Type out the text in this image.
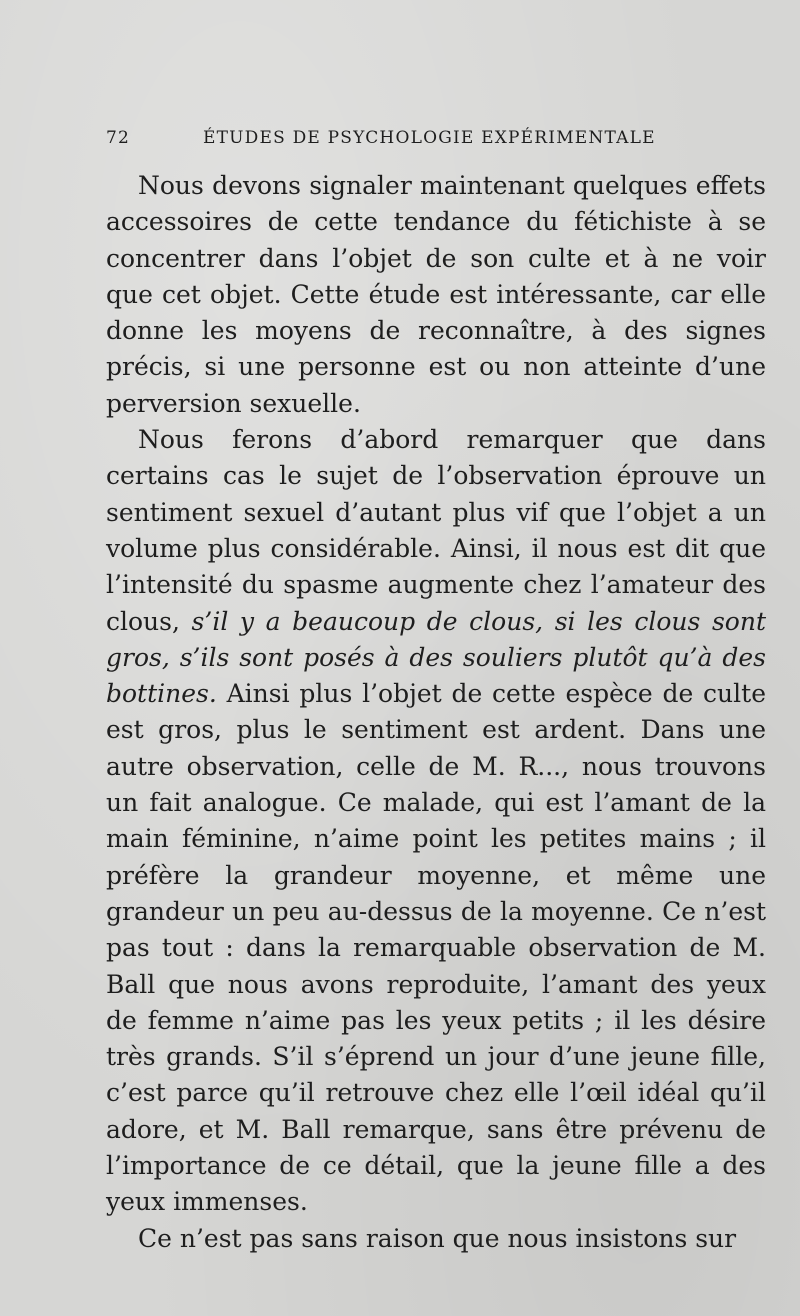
72	ÉTUDES DE PSYCHOLOGIE EXPÉRIMENTALE

Nous devons signaler maintenant quelques effets accessoires de cette tendance du fétichiste à se concentrer dans l’objet de son culte et à ne voir que cet objet. Cette étude est intéressante, car elle donne les moyens de reconnaître, à des signes précis, si une personne est ou non atteinte d’une perversion sexuelle.

Nous ferons d’abord remarquer que dans certains cas le sujet de l’observation éprouve un sentiment sexuel d’autant plus vif que l’objet a un volume plus considérable. Ainsi, il nous est dit que l’intensité du spasme augmente chez l’amateur des clous, s’il y a beaucoup de clous, si les clous sont gros, s’ils sont posés à des souliers plutôt qu’à des bottines. Ainsi plus l’objet de cette espèce de culte est gros, plus le sentiment est ardent. Dans une autre observation, celle de M. R..., nous trouvons un fait analogue. Ce malade, qui est l’amant de la main féminine, n’aime point les petites mains ; il préfère la grandeur moyenne, et même une grandeur un peu au-dessus de la moyenne. Ce n’est pas tout : dans la remarquable observation de M. Ball que nous avons reproduite, l’amant des yeux de femme n’aime pas les yeux petits ; il les désire très grands. S’il s’éprend un jour d’une jeune fille, c’est parce qu’il retrouve chez elle l’œil idéal qu’il adore, et M. Ball remarque, sans être prévenu de l’importance de ce détail, que la jeune fille a des yeux immenses.

Ce n’est pas sans raison que nous insistons sur
